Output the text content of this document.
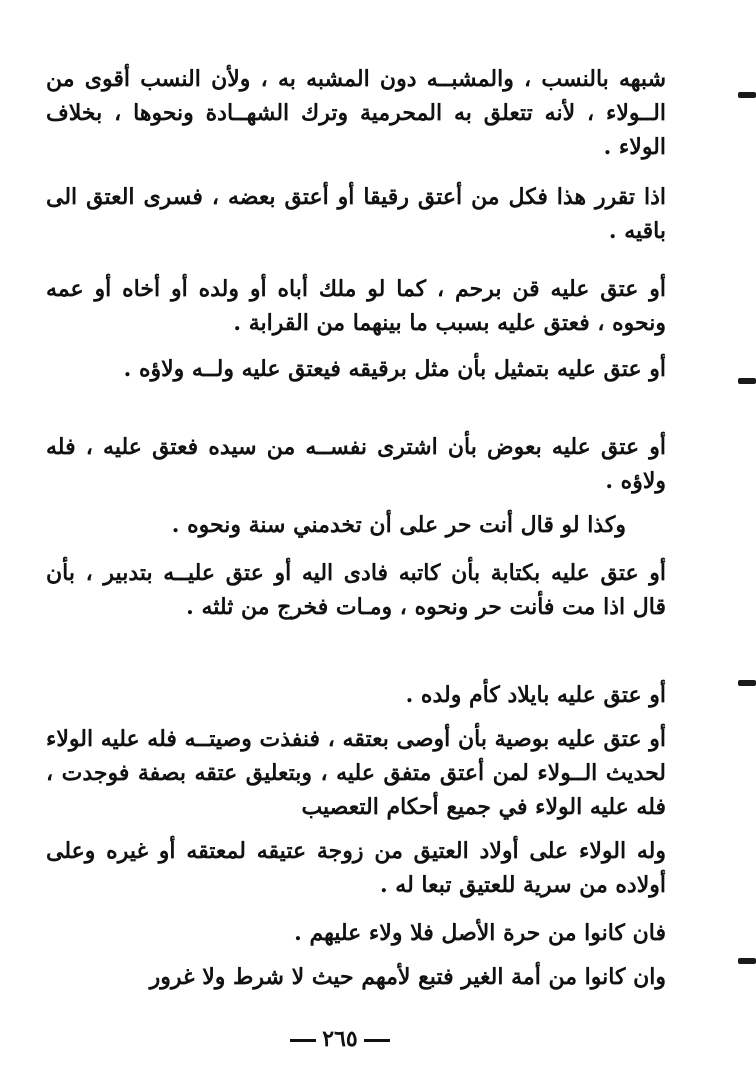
شبهه بالنسب ، والمشبــه دون المشبه به ، ولأن النسب أقوى من الــولاء ، لأنه تتعلق به المحرمية وترك الشهــادة ونحوها ، بخلاف الولاء .

اذا تقرر هذا فكل من أعتق رقيقا أو أعتق بعضه ، فسرى العتق الى باقيه .

أو عتق عليه قن برحم ، كما لو ملك أباه أو ولده أو أخاه أو عمه ونحوه ، فعتق عليه بسبب ما بينهما من القرابة .

أو عتق عليه بتمثيل بأن مثل برقيقه فيعتق عليه ولــه ولاؤه .

أو عتق عليه بعوض بأن اشترى نفســه من سيده فعتق عليه ، فله ولاؤه .

وكذا لو قال أنت حر على أن تخدمني سنة ونحوه .

أو عتق عليه بكتابة بأن كاتبه فادى اليه أو عتق عليــه بتدبير ، بأن قال اذا مت فأنت حر ونحوه ، ومـات فخرج من ثلثه .

أو عتق عليه بايلاد كأم ولده .

أو عتق عليه بوصية بأن أوصى بعتقه ، فنفذت وصيتــه فله عليه الولاء لحديث الــولاء لمن أعتق متفق عليه ، وبتعليق عتقه بصفة فوجدت ، فله عليه الولاء في جميع أحكام التعصيب

وله الولاء على أولاد العتيق من زوجة عتيقه لمعتقه أو غيره وعلى أولاده من سرية للعتيق تبعا له .

فان كانوا من حرة الأصل فلا ولاء عليهم .

وان كانوا من أمة الغير فتبع لأمهم حيث لا شرط ولا غرور

٢٦٥
